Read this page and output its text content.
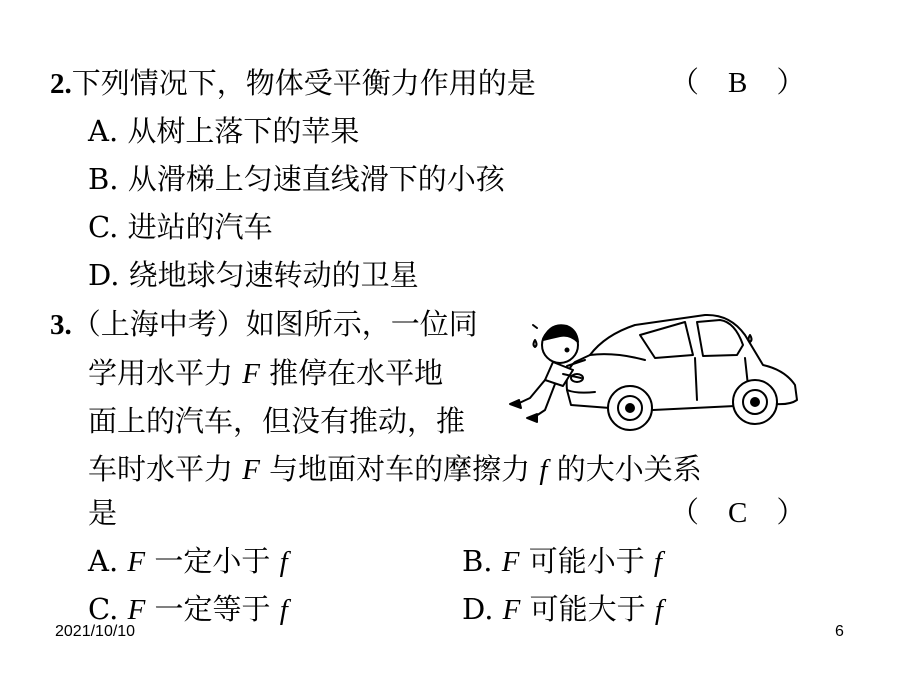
2.下列情况下，物体受平衡力作用的是	（　B　）
A. 从树上落下的苹果
B. 从滑梯上匀速直线滑下的小孩
C. 进站的汽车
D. 绕地球匀速转动的卫星
3.（上海中考）如图所示，一位同
学用水平力 F 推停在水平地
面上的汽车，但没有推动，推
车时水平力 F 与地面对车的摩擦力 f 的大小关系
是	（　C　）
A. F 一定小于 f	B. F 可能小于 f
C. F 一定等于 f	D. F 可能大于 f
2021/10/10	6
